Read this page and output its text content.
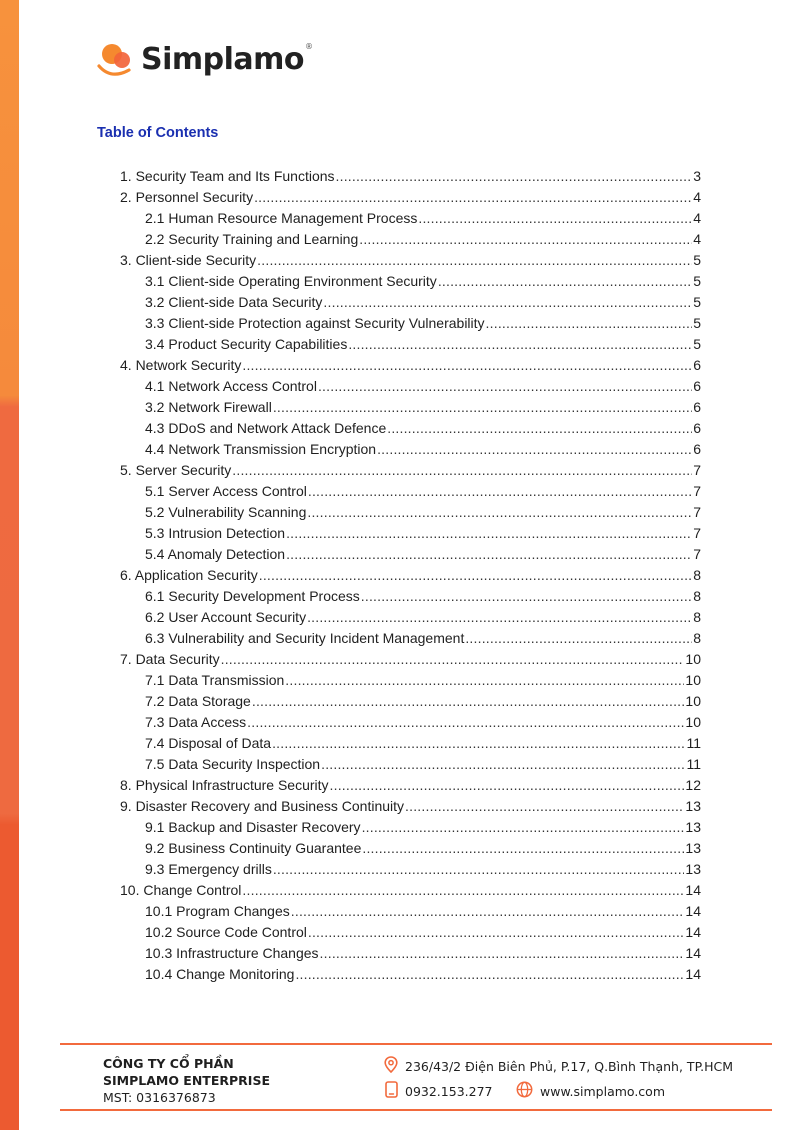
Simplamo ®
Table of Contents
1. Security Team and Its Functions .....	3
2. Personnel Security .....	4
2.1 Human Resource Management Process .....	4
2.2 Security Training and Learning .....	4
3. Client-side Security .....	5
3.1 Client-side Operating Environment Security .....	5
3.2 Client-side Data Security .....	5
3.3 Client-side Protection against Security Vulnerability .....	5
3.4 Product Security Capabilities .....	5
4. Network Security .....	6
4.1 Network Access Control .....	6
3.2 Network Firewall .....	6
4.3 DDoS and Network Attack Defence .....	6
4.4 Network Transmission Encryption .....	6
5. Server Security .....	7
5.1 Server Access Control .....	7
5.2 Vulnerability Scanning .....	7
5.3 Intrusion Detection .....	7
5.4 Anomaly Detection .....	7
6. Application Security .....	8
6.1 Security Development Process .....	8
6.2 User Account Security .....	8
6.3 Vulnerability and Security Incident Management .....	8
7. Data Security .....	10
7.1 Data Transmission .....	10
7.2 Data Storage .....	10
7.3 Data Access .....	10
7.4 Disposal of Data .....	11
7.5 Data Security Inspection .....	11
8. Physical Infrastructure Security .....	12
9. Disaster Recovery and Business Continuity .....	13
9.1 Backup and Disaster Recovery .....	13
9.2 Business Continuity Guarantee .....	13
9.3 Emergency drills .....	13
10. Change Control .....	14
10.1 Program Changes .....	14
10.2 Source Code Control .....	14
10.3 Infrastructure Changes .....	14
10.4 Change Monitoring .....	14
CÔNG TY CỔ PHẦN
SIMPLAMO ENTERPRISE
MST: 0316376873
236/43/2 Điện Biên Phủ, P.17, Q.Bình Thạnh, TP.HCM
0932.153.277	www.simplamo.com
